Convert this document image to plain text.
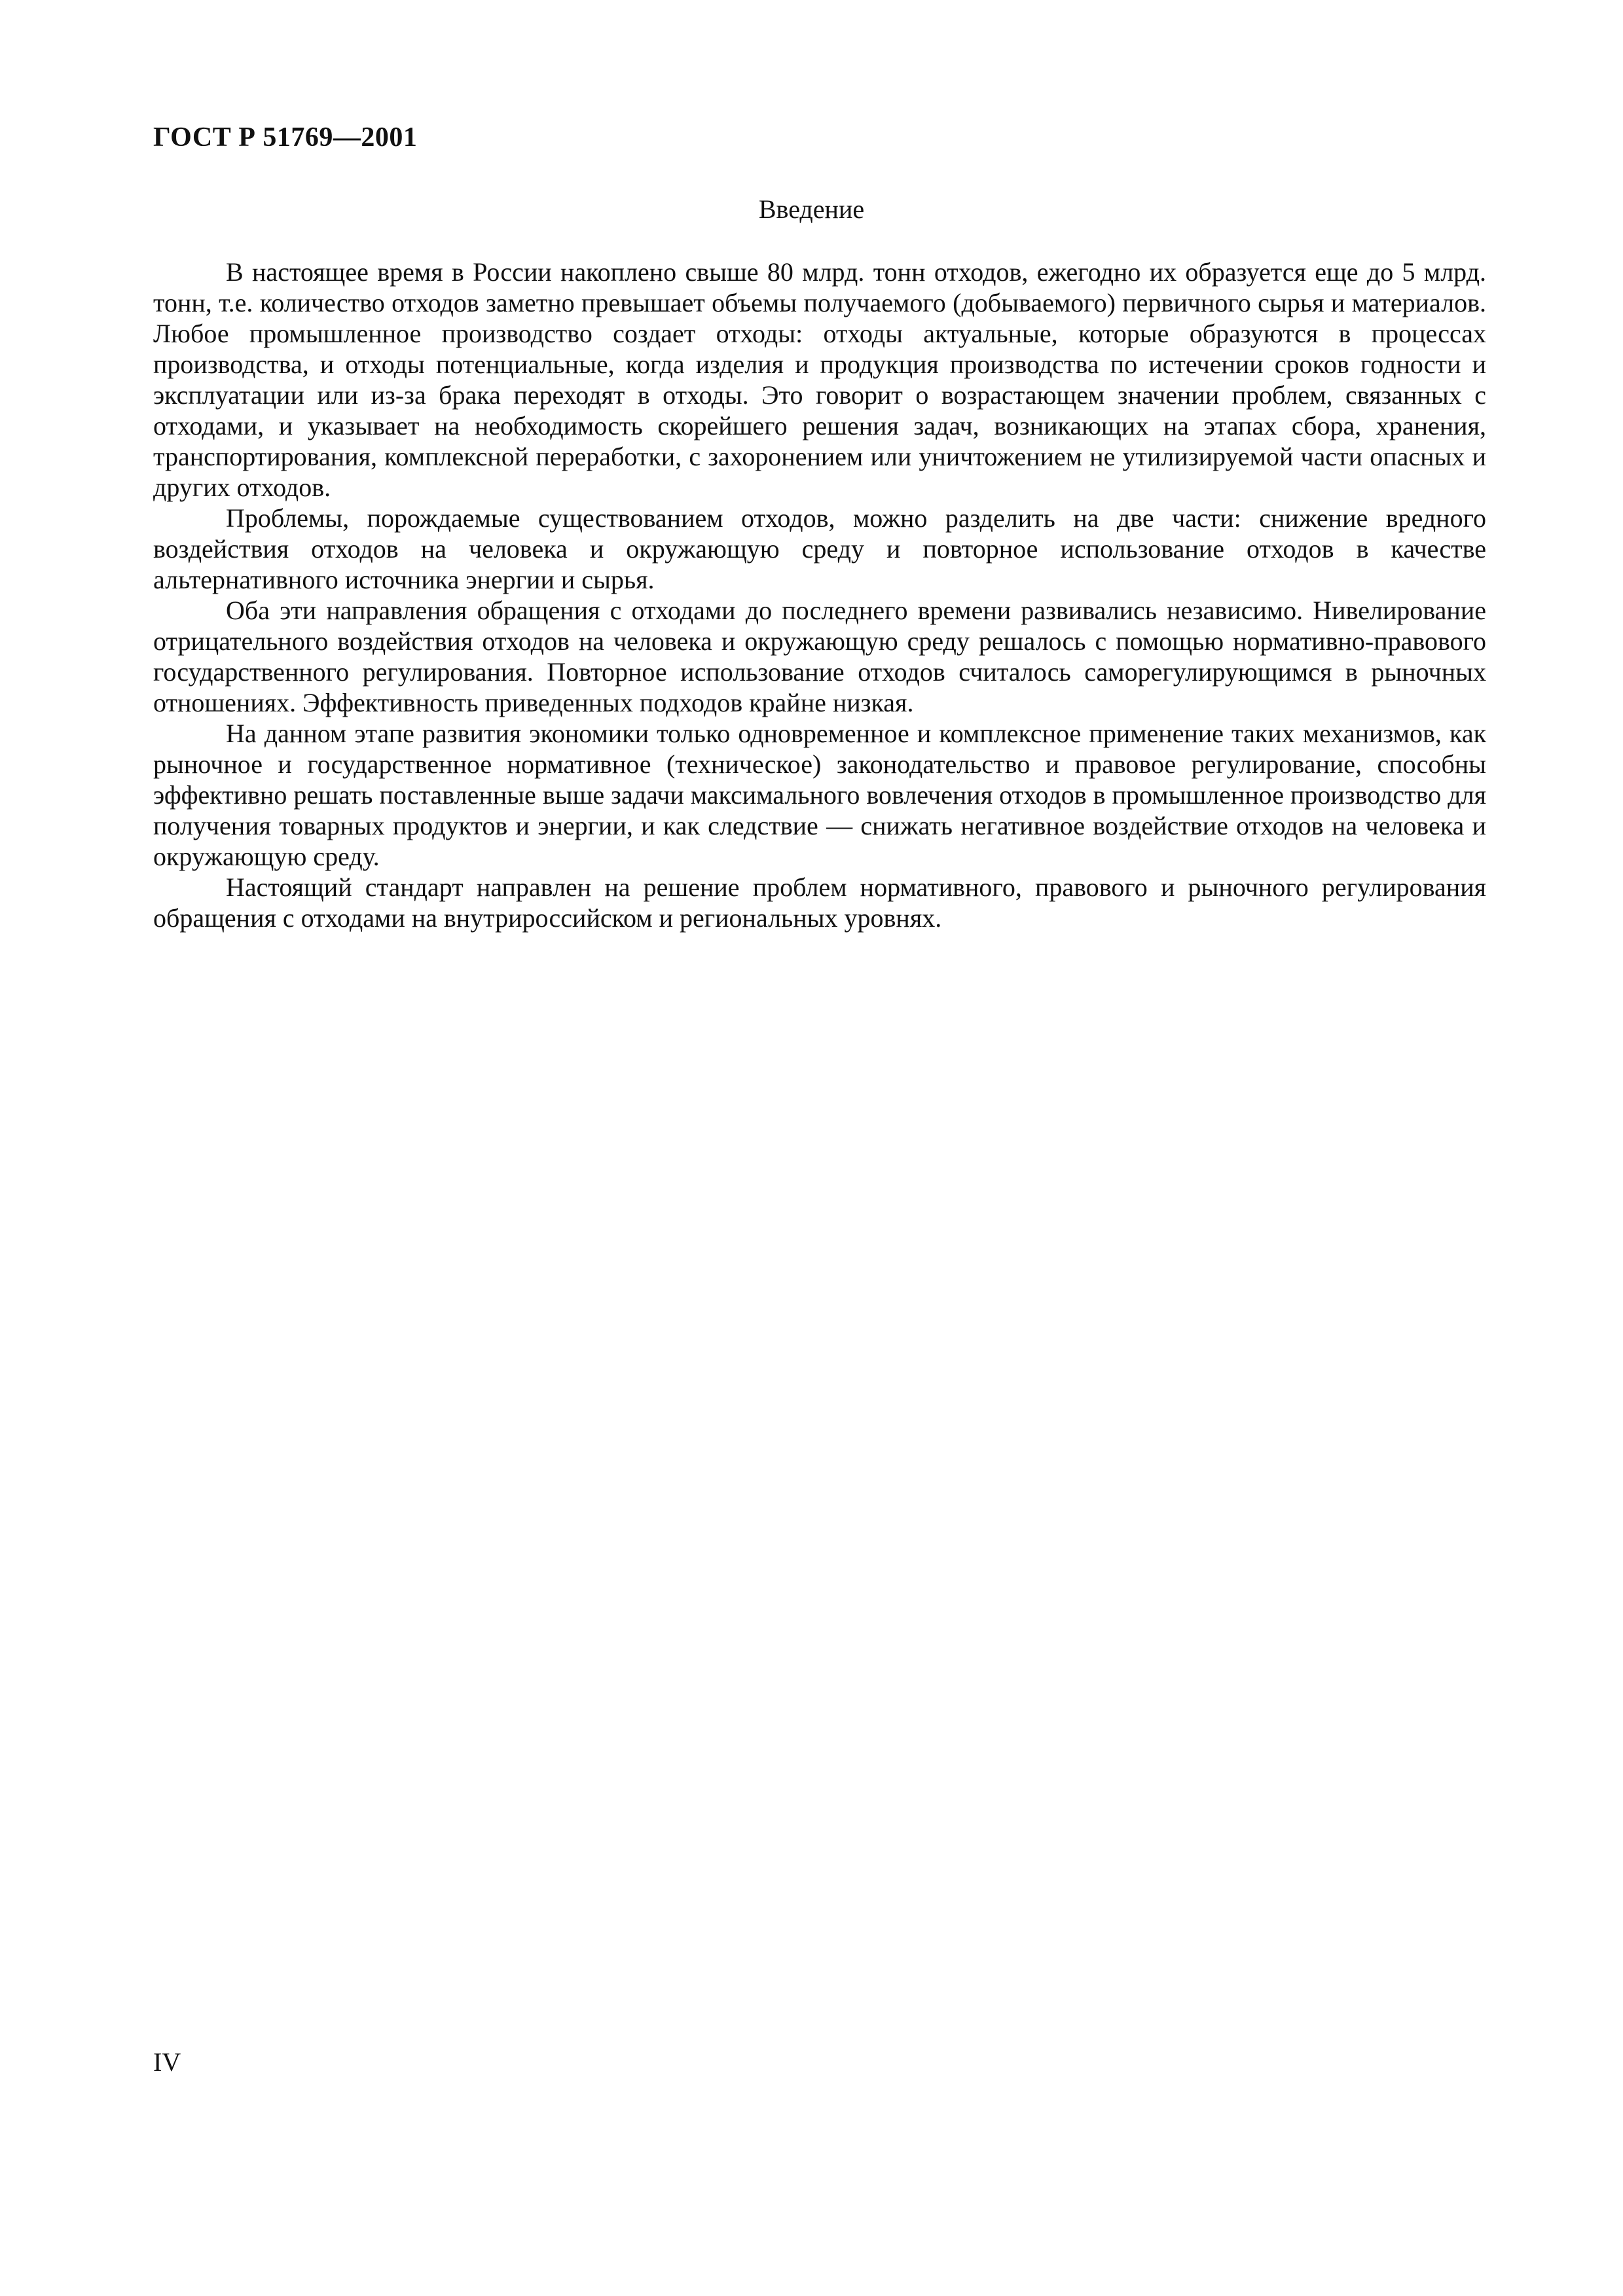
ГОСТ Р 51769—2001
Введение

В настоящее время в России накоплено свыше 80 млрд. тонн отходов, ежегодно их образуется еще до 5 млрд. тонн, т.е. количество отходов заметно превышает объемы получаемого (добываемого) первичного сырья и материалов. Любое промышленное производство создает отходы: отходы актуальные, которые образуются в процессах производства, и отходы потенциальные, когда изделия и продукция производства по истечении сроков годности и эксплуатации или из-за брака переходят в отходы. Это говорит о возрастающем значении проблем, связанных с отходами, и указывает на необходимость скорейшего решения задач, возникающих на этапах сбора, хранения, транспортирования, комплексной переработки, с захоронением или уничтожением не утилизируемой части опасных и других отходов.

Проблемы, порождаемые существованием отходов, можно разделить на две части: снижение вредного воздействия отходов на человека и окружающую среду и повторное использование отходов в качестве альтернативного источника энергии и сырья.

Оба эти направления обращения с отходами до последнего времени развивались независимо. Нивелирование отрицательного воздействия отходов на человека и окружающую среду решалось с помощью нормативно-правового государственного регулирования. Повторное использование отходов считалось саморегулирующимся в рыночных отношениях. Эффективность приведенных подходов крайне низкая.

На данном этапе развития экономики только одновременное и комплексное применение таких механизмов, как рыночное и государственное нормативное (техническое) законодательство и правовое регулирование, способны эффективно решать поставленные выше задачи максимального вовлечения отходов в промышленное производство для получения товарных продуктов и энергии, и как следствие — снижать негативное воздействие отходов на человека и окружающую среду.

Настоящий стандарт направлен на решение проблем нормативного, правового и рыночного регулирования обращения с отходами на внутрироссийском и региональных уровнях.

IV
